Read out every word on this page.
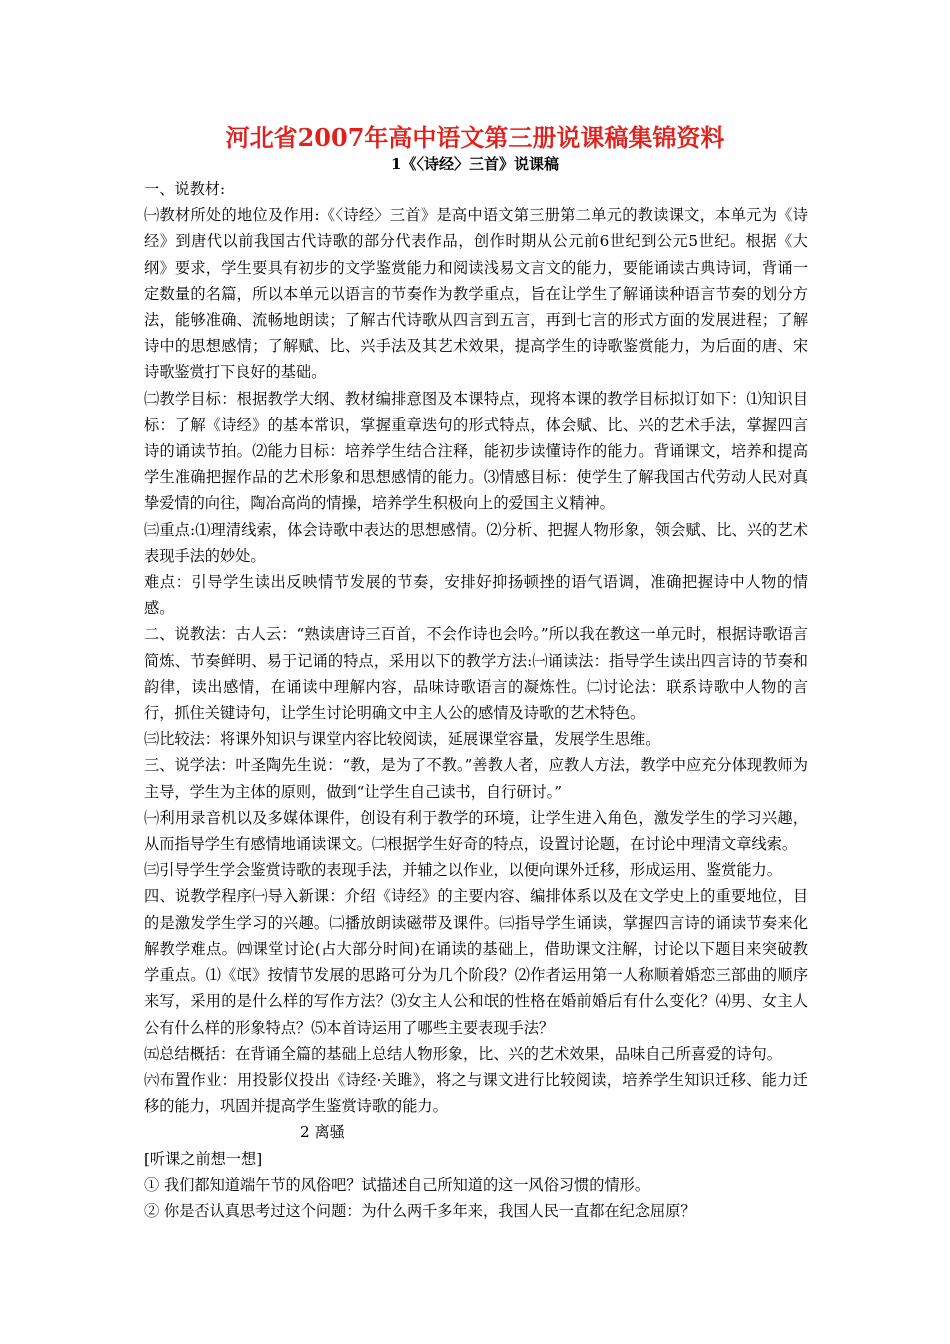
河北省2007年高中语文第三册说课稿集锦资料
1《〈诗经〉三首》说课稿

一、说教材:

㈠教材所处的地位及作用:《〈诗经〉三首》是高中语文第三册第二单元的教读课文，本单元为《诗经》到唐代以前我国古代诗歌的部分代表作品，创作时期从公元前6世纪到公元5世纪。根据《大纲》要求，学生要具有初步的文学鉴赏能力和阅读浅易文言文的能力，要能诵读古典诗词，背诵一定数量的名篇，所以本单元以语言的节奏作为教学重点，旨在让学生了解诵读种语言节奏的划分方法，能够准确、流畅地朗读；了解古代诗歌从四言到五言，再到七言的形式方面的发展进程；了解诗中的思想感情；了解赋、比、兴手法及其艺术效果，提高学生的诗歌鉴赏能力，为后面的唐、宋诗歌鉴赏打下良好的基础。

㈡教学目标：根据教学大纲、教材编排意图及本课特点，现将本课的教学目标拟订如下：⑴知识目标：了解《诗经》的基本常识，掌握重章迭句的形式特点，体会赋、比、兴的艺术手法，掌握四言诗的诵读节拍。⑵能力目标：培养学生结合注释，能初步读懂诗作的能力。背诵课文，培养和提高学生准确把握作品的艺术形象和思想感情的能力。⑶情感目标：使学生了解我国古代劳动人民对真挚爱情的向往，陶冶高尚的情操，培养学生积极向上的爱国主义精神。

㈢重点:⑴理清线索，体会诗歌中表达的思想感情。⑵分析、把握人物形象，领会赋、比、兴的艺术表现手法的妙处。

难点：引导学生读出反映情节发展的节奏，安排好抑扬顿挫的语气语调，准确把握诗中人物的情感。

二、说教法：古人云：“熟读唐诗三百首，不会作诗也会吟。”所以我在教这一单元时，根据诗歌语言简炼、节奏鲜明、易于记诵的特点，采用以下的教学方法:㈠诵读法：指导学生读出四言诗的节奏和韵律，读出感情，在诵读中理解内容，品味诗歌语言的凝炼性。㈡讨论法：联系诗歌中人物的言行，抓住关键诗句，让学生讨论明确文中主人公的感情及诗歌的艺术特色。

㈢比较法：将课外知识与课堂内容比较阅读，延展课堂容量，发展学生思维。

三、说学法：叶圣陶先生说：“教，是为了不教。”善教人者，应教人方法，教学中应充分体现教师为主导，学生为主体的原则，做到“让学生自己读书，自行研讨。”

㈠利用录音机以及多媒体课件，创设有利于教学的环境，让学生进入角色，激发学生的学习兴趣，从而指导学生有感情地诵读课文。㈡根据学生好奇的特点，设置讨论题，在讨论中理清文章线索。

㈢引导学生学会鉴赏诗歌的表现手法，并辅之以作业，以便向课外迁移，形成运用、鉴赏能力。

四、说教学程序㈠导入新课：介绍《诗经》的主要内容、编排体系以及在文学史上的重要地位，目的是激发学生学习的兴趣。㈡播放朗读磁带及课件。㈢指导学生诵读，掌握四言诗的诵读节奏来化解教学难点。㈣课堂讨论(占大部分时间)在诵读的基础上，借助课文注解，讨论以下题目来突破教学重点。⑴《氓》按情节发展的思路可分为几个阶段？⑵作者运用第一人称顺着婚恋三部曲的顺序来写，采用的是什么样的写作方法？⑶女主人公和氓的性格在婚前婚后有什么变化？⑷男、女主人公有什么样的形象特点？⑸本首诗运用了哪些主要表现手法？

㈤总结概括：在背诵全篇的基础上总结人物形象，比、兴的艺术效果，品味自己所喜爱的诗句。

㈥布置作业：用投影仪投出《诗经·关雎》，将之与课文进行比较阅读，培养学生知识迁移、能力迁移的能力，巩固并提高学生鉴赏诗歌的能力。

2 离骚

[听课之前想一想]

① 我们都知道端午节的风俗吧？试描述自己所知道的这一风俗习惯的情形。

② 你是否认真思考过这个问题：为什么两千多年来，我国人民一直都在纪念屈原？
